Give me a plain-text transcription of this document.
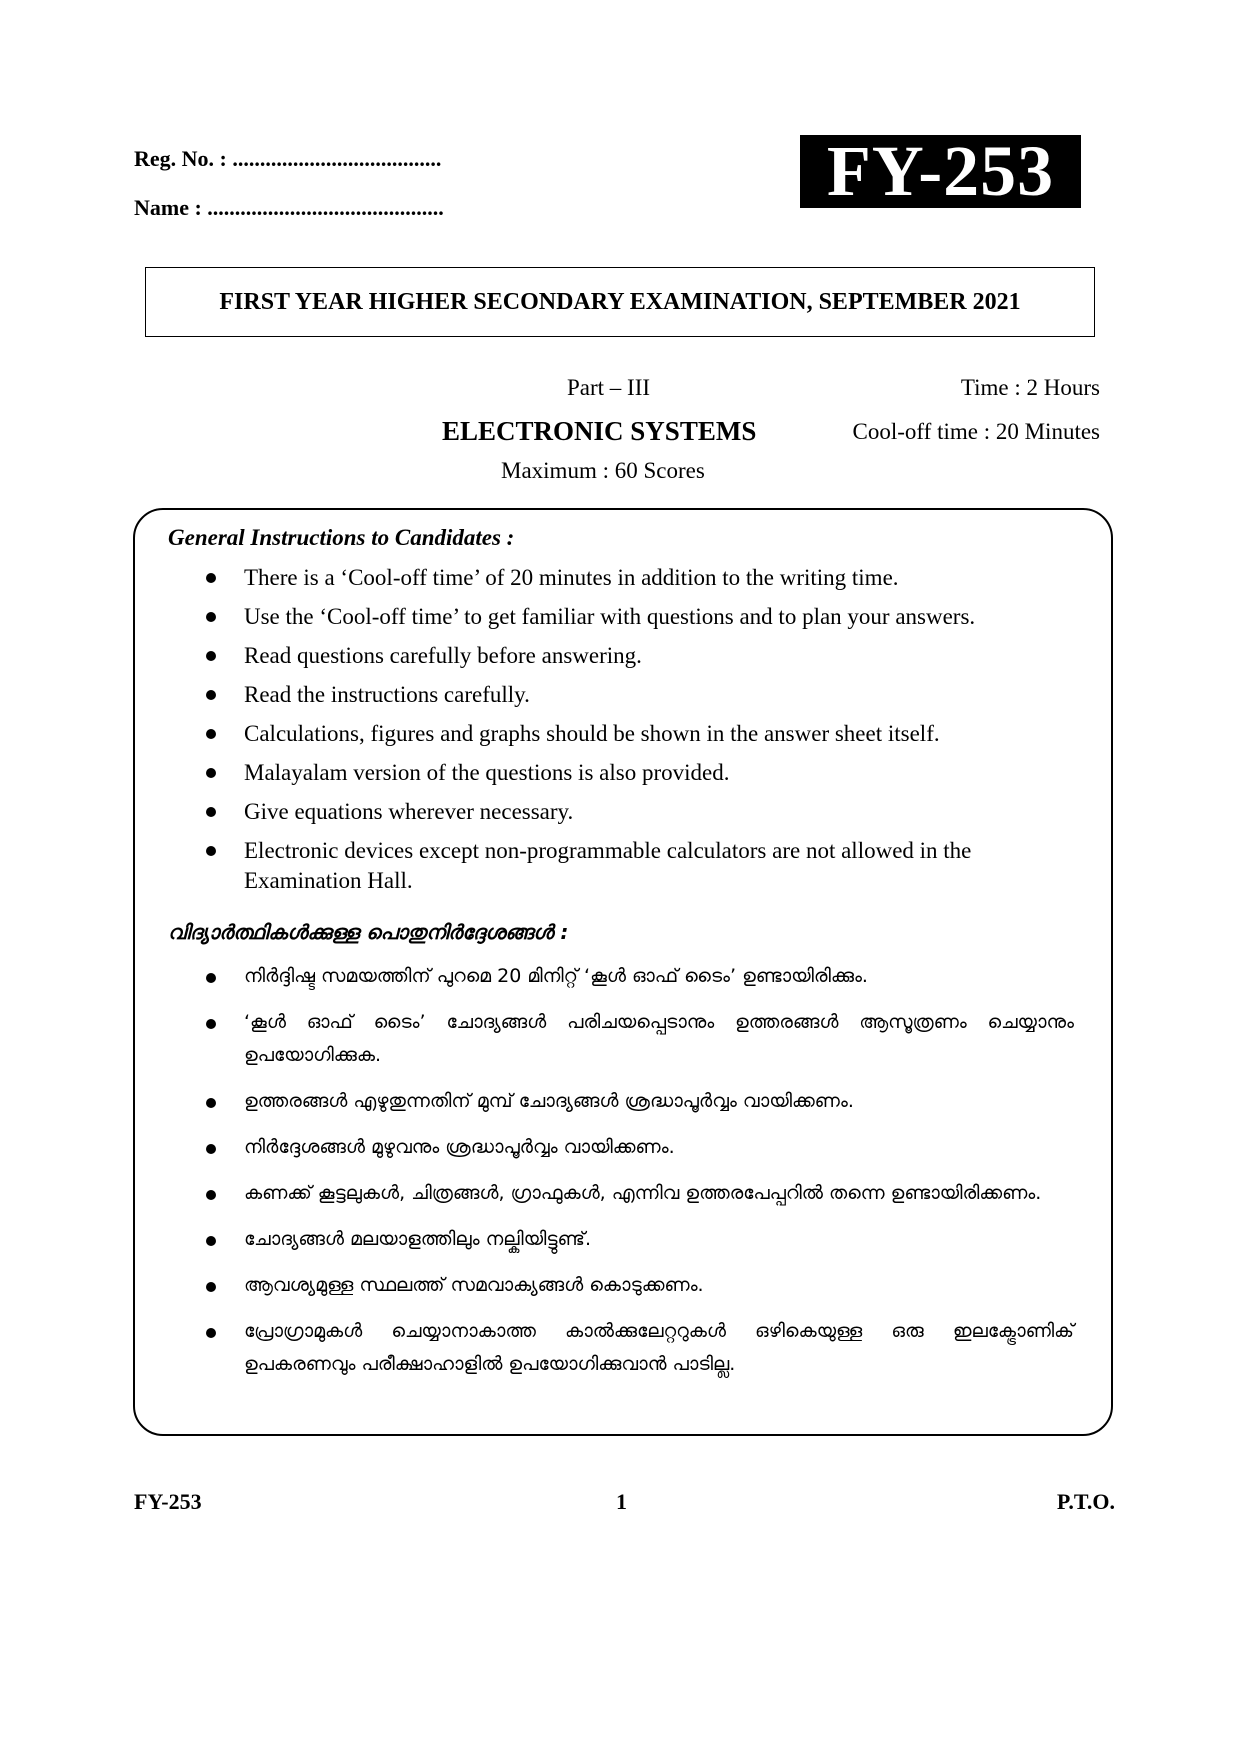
Reg. No. : ......................................
Name : ...........................................	FY-253
FIRST YEAR HIGHER SECONDARY EXAMINATION, SEPTEMBER 2021
Part – III	Time : 2 Hours
ELECTRONIC SYSTEMS	Cool-off time : 20 Minutes
Maximum : 60 Scores
General Instructions to Candidates :
There is a ‘Cool-off time’ of 20 minutes in addition to the writing time.
Use the ‘Cool-off time’ to get familiar with questions and to plan your answers.
Read questions carefully before answering.
Read the instructions carefully.
Calculations, figures and graphs should be shown in the answer sheet itself.
Malayalam version of the questions is also provided.
Give equations wherever necessary.
Electronic devices except non-programmable calculators are not allowed in the Examination Hall.
വിദ്യാർത്ഥികൾക്കുള്ള പൊതുനിർദ്ദേശങ്ങൾ :
നിർദ്ദിഷ്ട സമയത്തിന് പുറമെ 20 മിനിറ്റ് ‘കൂൾ ഓഫ് ടൈം’ ഉണ്ടായിരിക്കും.
‘കൂൾ ഓഫ് ടൈം’ ചോദ്യങ്ങൾ പരിചയപ്പെടാനും ഉത്തരങ്ങൾ ആസൂത്രണം ചെയ്യാനും ഉപയോഗിക്കുക.
ഉത്തരങ്ങൾ എഴുതുന്നതിന് മുമ്പ് ചോദ്യങ്ങൾ ശ്രദ്ധാപൂർവ്വം വായിക്കണം.
നിർദ്ദേശങ്ങൾ മുഴുവനും ശ്രദ്ധാപൂർവ്വം വായിക്കണം.
കണക്ക് കൂട്ടലുകൾ, ചിത്രങ്ങൾ, ഗ്രാഫുകൾ, എന്നിവ ഉത്തരപേപ്പറിൽ തന്നെ ഉണ്ടായിരിക്കണം.
ചോദ്യങ്ങൾ മലയാളത്തിലും നല്കിയിട്ടുണ്ട്.
ആവശ്യമുള്ള സ്ഥലത്ത് സമവാക്യങ്ങൾ കൊടുക്കണം.
പ്രോഗ്രാമുകൾ ചെയ്യാനാകാത്ത കാൽക്കുലേറ്ററുകൾ ഒഴികെയുള്ള ഒരു ഇലക്ട്രോണിക് ഉപകരണവും പരീക്ഷാഹാളിൽ ഉപയോഗിക്കുവാൻ പാടില്ല.
FY-253	1	P.T.O.
